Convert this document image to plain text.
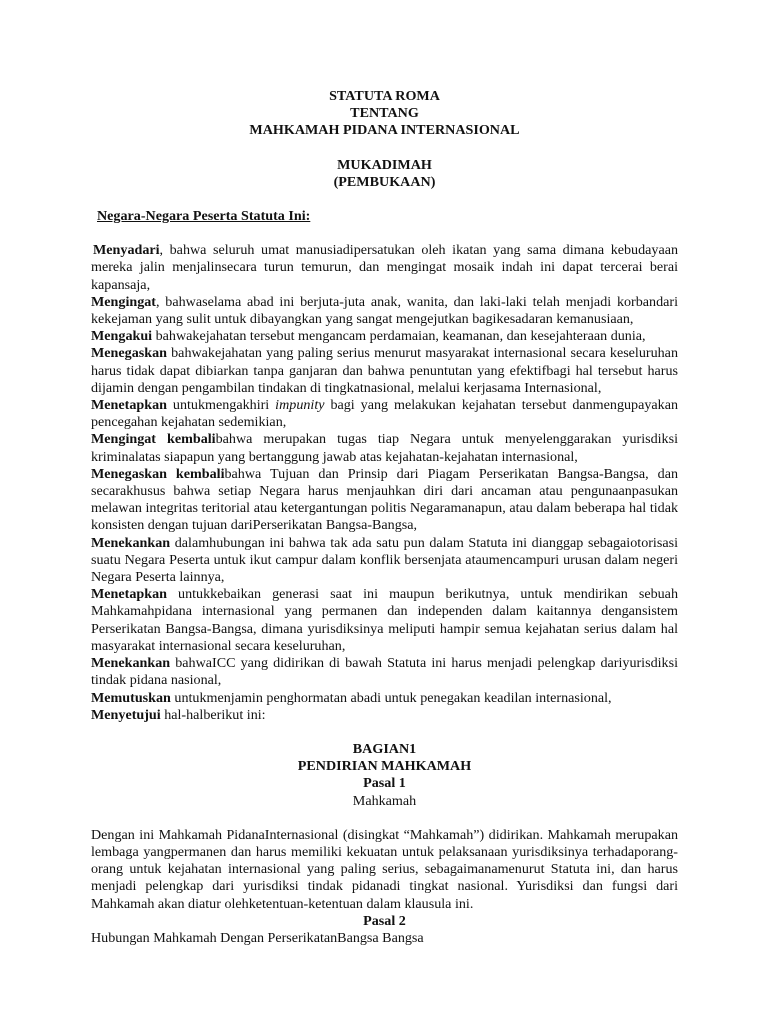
STATUTA ROMA
TENTANG
MAHKAMAH PIDANA INTERNASIONAL
MUKADIMAH
(PEMBUKAAN)
Negara-Negara Peserta Statuta Ini:

Menyadari, bahwa seluruh umat manusiadipersatukan oleh ikatan yang sama dimana kebudayaan mereka jalin menjalinsecara turun temurun, dan mengingat mosaik indah ini dapat tercerai berai kapansaja,

Mengingat, bahwaselama abad ini berjuta-juta anak, wanita, dan laki-laki telah menjadi korbandari kekejaman yang sulit untuk dibayangkan yang sangat mengejutkan bagikesadaran kemanusiaan,

Mengakui bahwakejahatan tersebut mengancam perdamaian, keamanan, dan kesejahteraan dunia,

Menegaskan bahwakejahatan yang paling serius menurut masyarakat internasional secara keseluruhan harus tidak dapat dibiarkan tanpa ganjaran dan bahwa penuntutan yang efektifbagi hal tersebut harus dijamin dengan pengambilan tindakan di tingkatnasional, melalui kerjasama Internasional,

Menetapkan untukmengakhiri impunity bagi yang melakukan kejahatan tersebut danmengupayakan pencegahan kejahatan sedemikian,

Mengingat kembalibahwa merupakan tugas tiap Negara untuk menyelenggarakan yurisdiksi kriminalatas siapapun yang bertanggung jawab atas kejahatan-kejahatan internasional,

Menegaskan kembalibahwa Tujuan dan Prinsip dari Piagam Perserikatan Bangsa-Bangsa, dan secarakhusus bahwa setiap Negara harus menjauhkan diri dari ancaman atau pengunaanpasukan melawan integritas teritorial atau ketergantungan politis Negaramanapun, atau dalam beberapa hal tidak konsisten dengan tujuan dariPerserikatan Bangsa-Bangsa,

Menekankan dalamhubungan ini bahwa tak ada satu pun dalam Statuta ini dianggap sebagaiotorisasi suatu Negara Peserta untuk ikut campur dalam konflik bersenjata ataumencampuri urusan dalam negeri Negara Peserta lainnya,

Menetapkan untukkebaikan generasi saat ini maupun berikutnya, untuk mendirikan sebuah Mahkamahpidana internasional yang permanen dan independen dalam kaitannya dengansistem Perserikatan Bangsa-Bangsa, dimana yurisdiksinya meliputi hampir semua kejahatan serius dalam hal masyarakat internasional secara keseluruhan,

Menekankan bahwaICC yang didirikan di bawah Statuta ini harus menjadi pelengkap dariyurisdiksi tindak pidana nasional,

Memutuskan untukmenjamin penghormatan abadi untuk penegakan keadilan internasional,

Menyetujui hal-halberikut ini:

BAGIAN1
PENDIRIAN MAHKAMAH
Pasal 1
Mahkamah

Dengan ini Mahkamah PidanaInternasional (disingkat “Mahkamah”) didirikan. Mahkamah merupakan lembaga yangpermanen dan harus memiliki kekuatan untuk pelaksanaan yurisdiksinya terhadaporang-orang untuk kejahatan internasional yang paling serius, sebagaimanamenurut Statuta ini, dan harus menjadi pelengkap dari yurisdiksi tindak pidanadi tingkat nasional. Yurisdiksi dan fungsi dari Mahkamah akan diatur olehketentuan-ketentuan dalam klausula ini.

Pasal 2

Hubungan Mahkamah Dengan PerserikatanBangsa Bangsa
